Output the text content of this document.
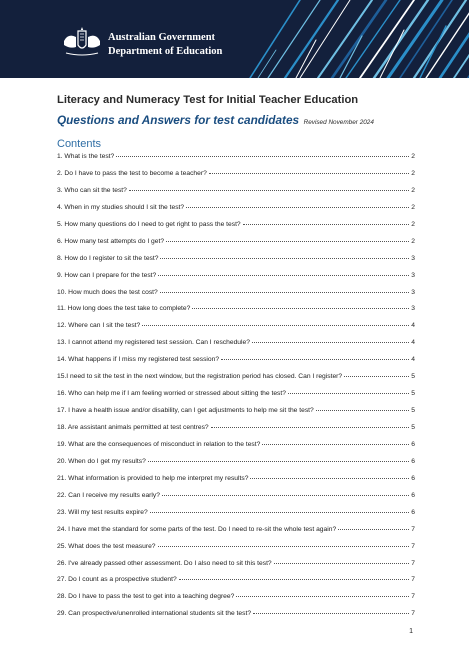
Australian Government
Department of Education
Literacy and Numeracy Test for Initial Teacher Education
Questions and Answers for test candidates Revised November 2024
Contents
1. What is the test?	2
2. Do I have to pass the test to become a teacher?	2
3. Who can sit the test?	2
4. When in my studies should I sit the test?	2
5. How many questions do I need to get right to pass the test?	2
6. How many test attempts do I get?	2
8. How do I register to sit the test?	3
9. How can I prepare for the test?	3
10. How much does the test cost?	3
11. How long does the test take to complete?	3
12. Where can I sit the test?	4
13. I cannot attend my registered test session. Can I reschedule?	4
14. What happens if I miss my registered test session?	4
15.I need to sit the test in the next window, but the registration period has closed. Can I register?	5
16. Who can help me if I am feeling worried or stressed about sitting the test?	5
17. I have a health issue and/or disability, can I get adjustments to help me sit the test?	5
18. Are assistant animals permitted at test centres?	5
19. What are the consequences of misconduct in relation to the test?	6
20. When do I get my results?	6
21. What information is provided to help me interpret my results?	6
22. Can I receive my results early?	6
23. Will my test results expire?	6
24. I have met the standard for some parts of the test. Do I need to re-sit the whole test again?	7
25. What does the test measure?	7
26. I've already passed other assessment. Do I also need to sit this test?	7
27. Do I count as a prospective student?	7
28. Do I have to pass the test to get into a teaching degree?	7
29. Can prospective/unenrolled international students sit the test?	7
1
